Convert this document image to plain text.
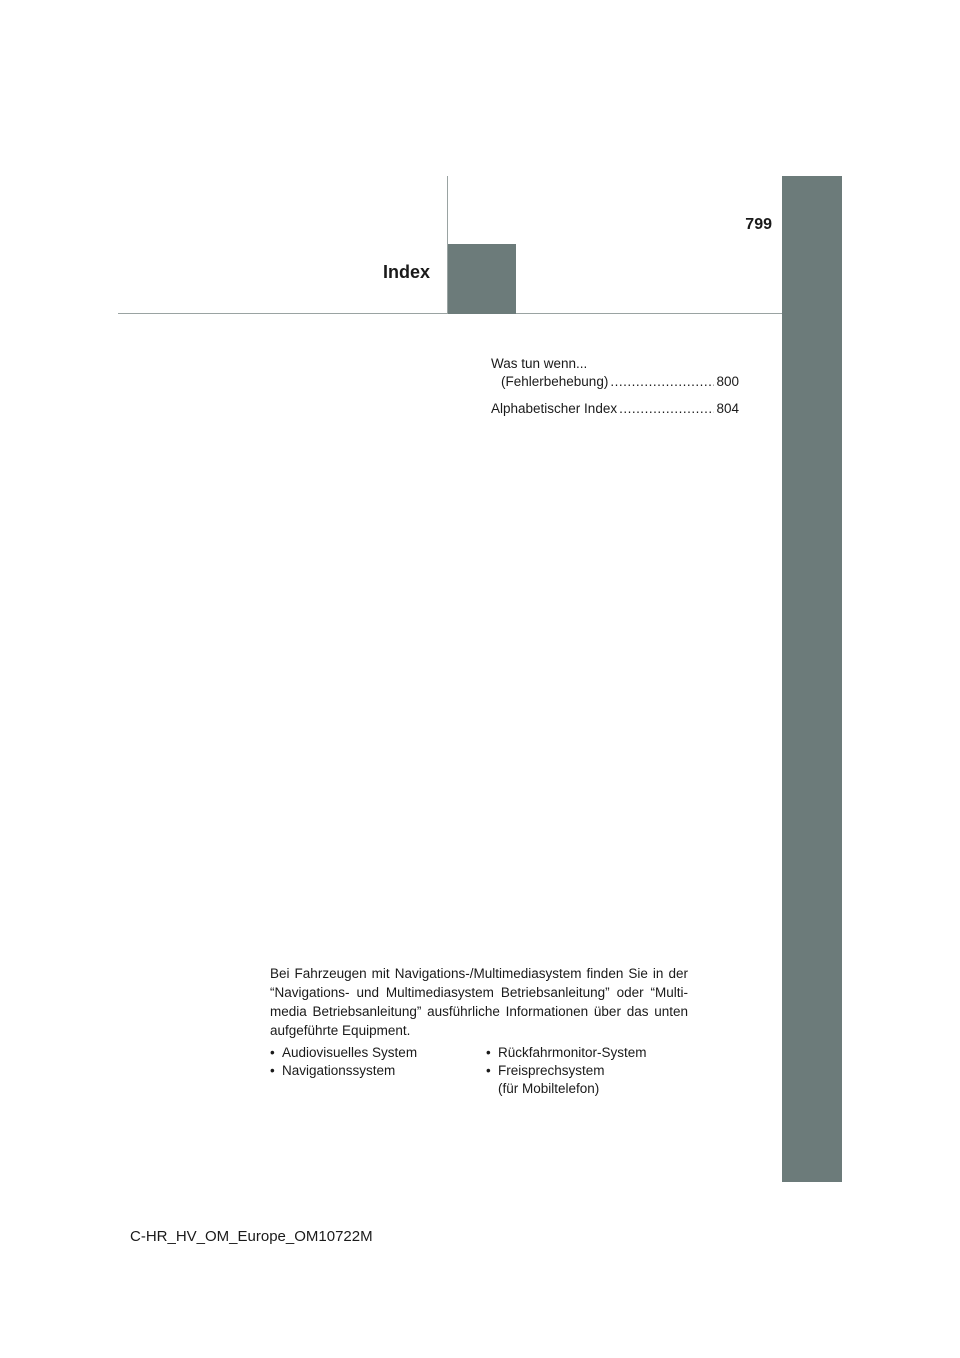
799
Index
Was tun wenn...
(Fehlerbehebung) .....	800
Alphabetischer Index .....	804
Bei Fahrzeugen mit Navigations-/Multimediasystem finden Sie in der “Navigations- und Multimediasystem Betriebsanleitung” oder “Multi-media Betriebsanleitung” ausführliche Informationen über das unten aufgeführte Equipment.
• Audiovisuelles System
• Navigationssystem
• Rückfahrmonitor-System
• Freisprechsystem
(für Mobiltelefon)
C-HR_HV_OM_Europe_OM10722M
